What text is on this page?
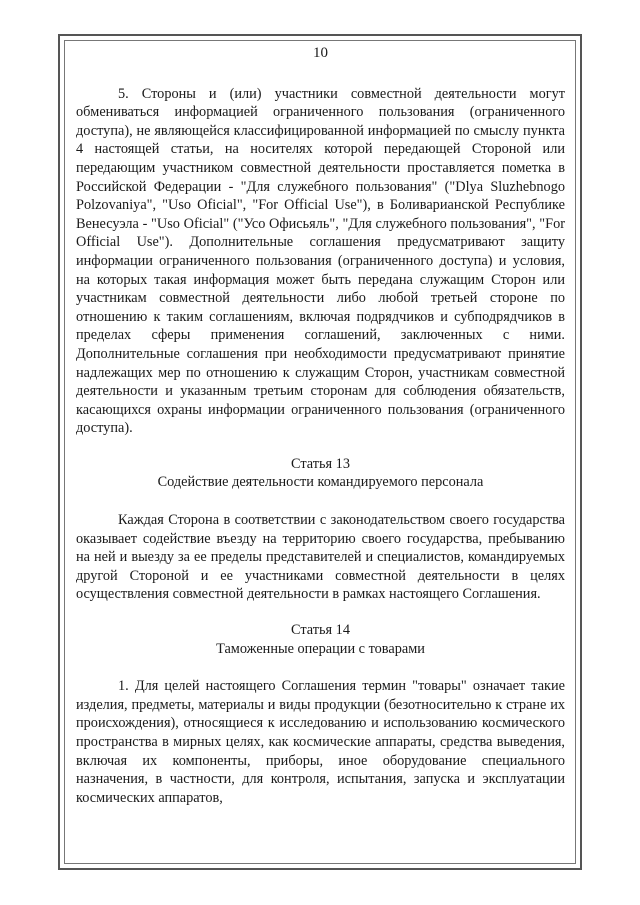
10

5. Стороны и (или) участники совместной деятельности могут обмениваться информацией ограниченного пользования (ограниченного доступа), не являющейся классифицированной информацией по смыслу пункта 4 настоящей статьи, на носителях которой передающей Стороной или передающим участником совместной деятельности проставляется пометка в Российской Федерации - "Для служебного пользования" ("Dlya Sluzhebnogo Polzovaniya", "Uso Oficial", "For Official Use"), в Боливарианской Республике Венесуэла - "Uso Oficial" ("Усо Офисьяль", "Для служебного пользования", "For Official Use"). Дополнительные соглашения предусматривают защиту информации ограниченного пользования (ограниченного доступа) и условия, на которых такая информация может быть передана служащим Сторон или участникам совместной деятельности либо любой третьей стороне по отношению к таким соглашениям, включая подрядчиков и субподрядчиков в пределах сферы применения соглашений, заключенных с ними. Дополнительные соглашения при необходимости предусматривают принятие надлежащих мер по отношению к служащим Сторон, участникам совместной деятельности и указанным третьим сторонам для соблюдения обязательств, касающихся охраны информации ограниченного пользования (ограниченного доступа).

Статья 13

Содействие деятельности командируемого персонала

Каждая Сторона в соответствии с законодательством своего государства оказывает содействие въезду на территорию своего государства, пребыванию на ней и выезду за ее пределы представителей и специалистов, командируемых другой Стороной и ее участниками совместной деятельности в целях осуществления совместной деятельности в рамках настоящего Соглашения.

Статья 14

Таможенные операции с товарами

1. Для целей настоящего Соглашения термин "товары" означает такие изделия, предметы, материалы и виды продукции (безотносительно к стране их происхождения), относящиеся к исследованию и использованию космического пространства в мирных целях, как космические аппараты, средства выведения, включая их компоненты, приборы, иное оборудование специального назначения, в частности, для контроля, испытания, запуска и эксплуатации космических аппаратов,
